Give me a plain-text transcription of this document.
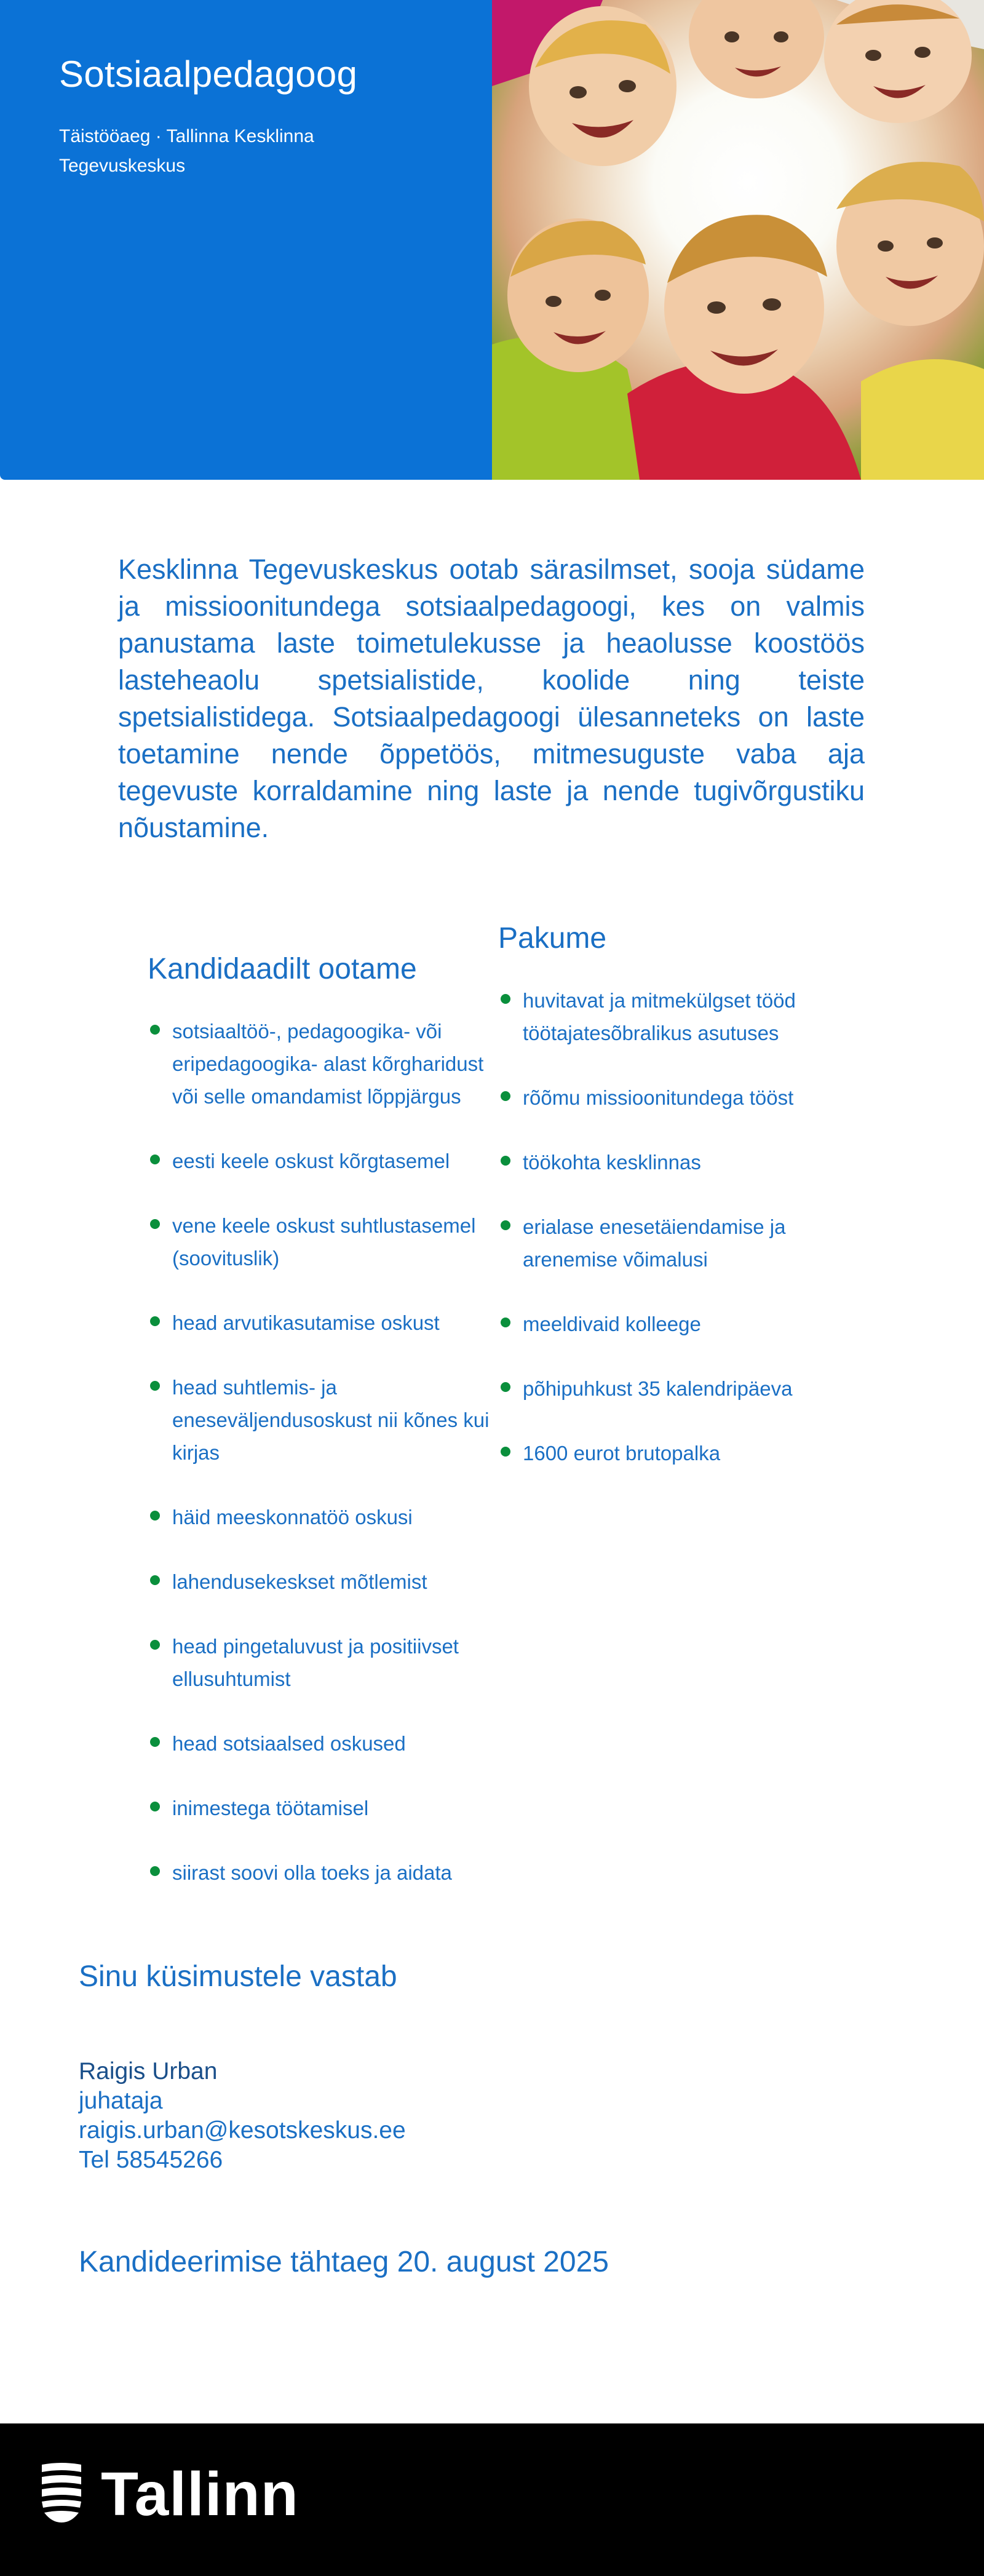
Sotsiaalpedagoog

Täistööaeg · Tallinna Kesklinna Tegevuskeskus

Kesklinna Tegevuskeskus ootab särasilmset, sooja südame ja missioonitundega sotsiaalpedagoogi, kes on valmis panustama laste toimetulekusse ja heaolusse koostöös lasteheaolu spetsialistide, koolide ning teiste spetsialistidega. Sotsiaalpedagoogi ülesanneteks on laste toetamine nende õppetöös, mitmesuguste vaba aja tegevuste korraldamine ning laste ja nende tugivõrgustiku nõustamine.

Kandidaadilt ootame
sotsiaaltöö-, pedagoogika- või eripedagoogika- alast kõrgharidust või selle omandamist lõppjärgus
eesti keele oskust kõrgtasemel
vene keele oskust suhtlustasemel (soovituslik)
head arvutikasutamise oskust
head suhtlemis- ja eneseväljendusoskust nii kõnes kui kirjas
häid meeskonnatöö oskusi
lahendusekeskset mõtlemist
head pingetaluvust ja positiivset ellusuhtumist
head sotsiaalsed oskused
inimestega töötamisel
siirast soovi olla toeks ja aidata
Pakume
huvitavat ja mitmekülgset tööd töötajatesõbralikus asutuses
rõõmu missioonitundega tööst
töökohta kesklinnas
erialase enesetäiendamise ja arenemise võimalusi
meeldivaid kolleege
põhipuhkust 35 kalendripäeva
1600 eurot brutopalka
Sinu küsimustele vastab
Raigis Urban
juhataja
raigis.urban@kesotskeskus.ee
Tel 58545266
Kandideerimise tähtaeg 20. august 2025
Tallinn
